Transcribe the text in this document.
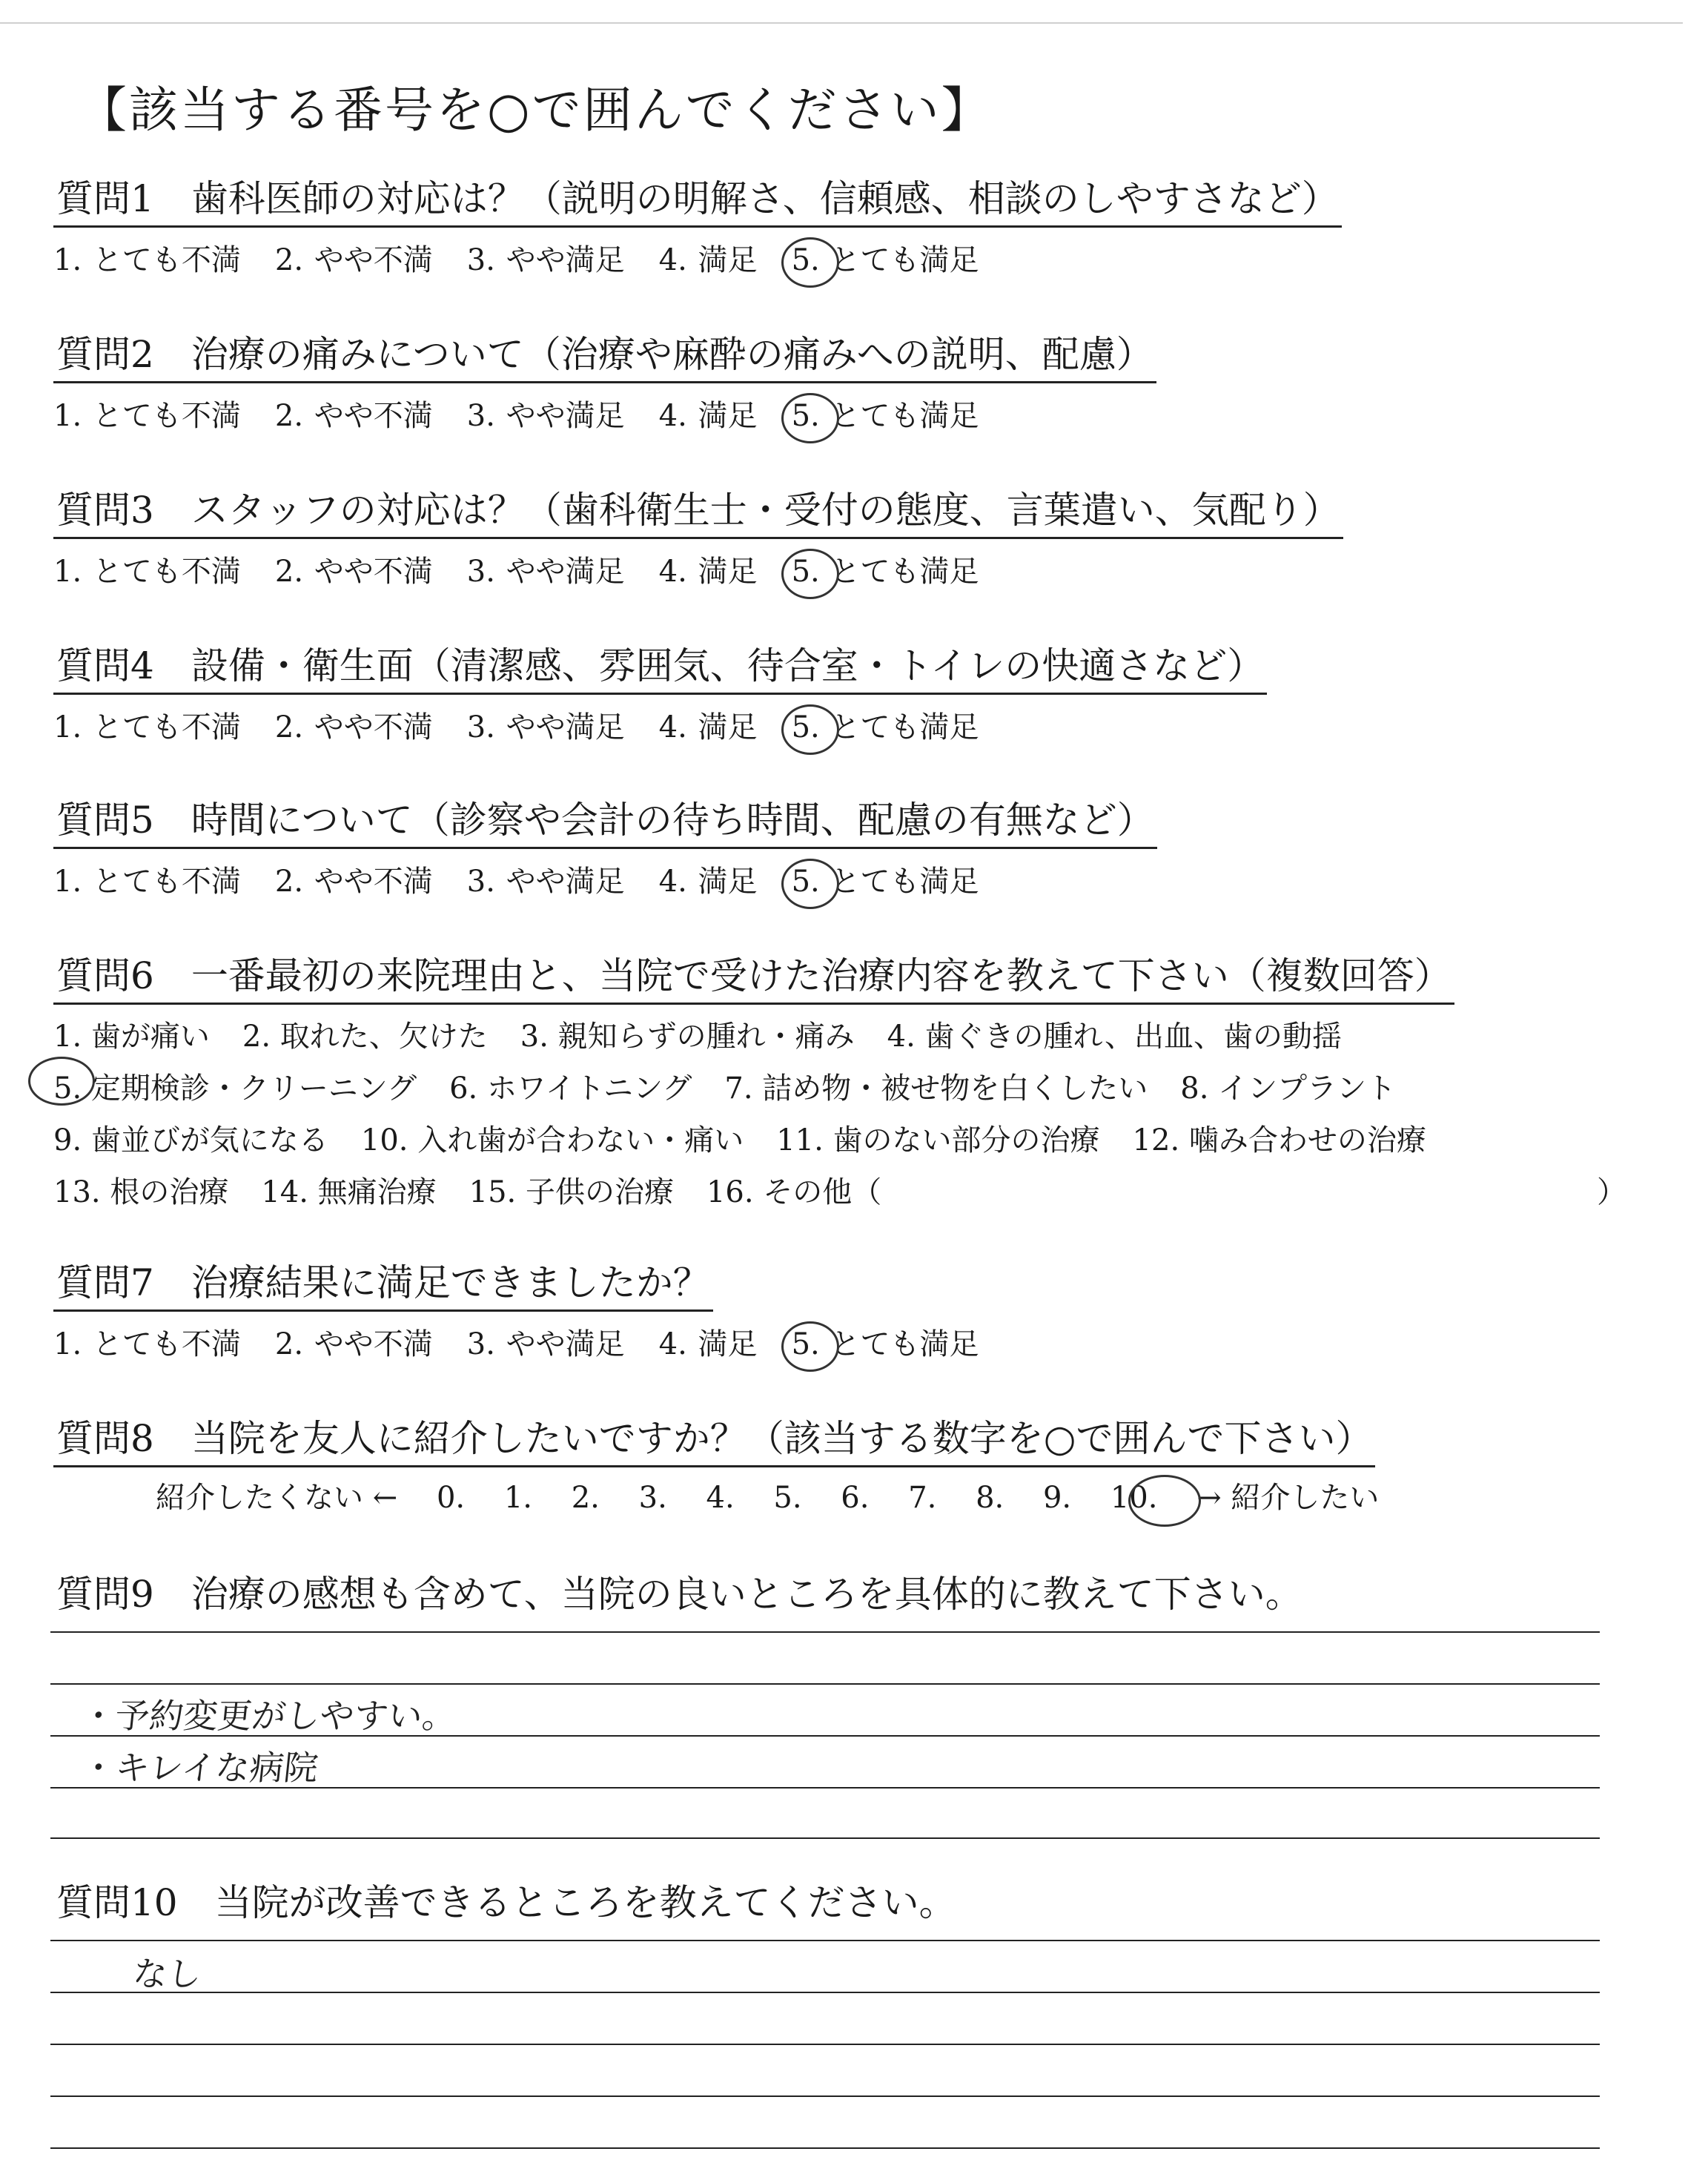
【該当する番号を○で囲んでください】
質問1 歯科医師の対応は？（説明の明解さ、信頼感、相談のしやすさなど）
1. とても不満 2. やや不満 3. やや満足 4. 満足 5. とても満足
質問2 治療の痛みについて（治療や麻酔の痛みへの説明、配慮）
1. とても不満 2. やや不満 3. やや満足 4. 満足 5. とても満足
質問3 スタッフの対応は？（歯科衛生士・受付の態度、言葉遣い、気配り）
1. とても不満 2. やや不満 3. やや満足 4. 満足 5. とても満足
質問4 設備・衛生面（清潔感、雰囲気、待合室・トイレの快適さなど）
1. とても不満 2. やや不満 3. やや満足 4. 満足 5. とても満足
質問5 時間について（診察や会計の待ち時間、配慮の有無など）
1. とても不満 2. やや不満 3. やや満足 4. 満足 5. とても満足
質問6 一番最初の来院理由と、当院で受けた治療内容を教えて下さい（複数回答）
1. 歯が痛い 2. 取れた、欠けた 3. 親知らずの腫れ・痛み 4. 歯ぐきの腫れ、出血、歯の動揺
5. 定期検診・クリーニング 6. ホワイトニング 7. 詰め物・被せ物を白くしたい 8. インプラント
9. 歯並びが気になる 10. 入れ歯が合わない・痛い 11. 歯のない部分の治療 12. 噛み合わせの治療
13. 根の治療 14. 無痛治療 15. 子供の治療 16. その他（	）
質問7 治療結果に満足できましたか？
1. とても不満 2. やや不満 3. やや満足 4. 満足 5. とても満足
質問8 当院を友人に紹介したいですか？（該当する数字を○で囲んで下さい）
紹介したくない ← 0. 1. 2. 3. 4. 5. 6. 7. 8. 9. 10. → 紹介したい
質問9 治療の感想も含めて、当院の良いところを具体的に教えて下さい。
・予約変更がしやすい。
・キレイな病院
質問10 当院が改善できるところを教えてください。
なし
